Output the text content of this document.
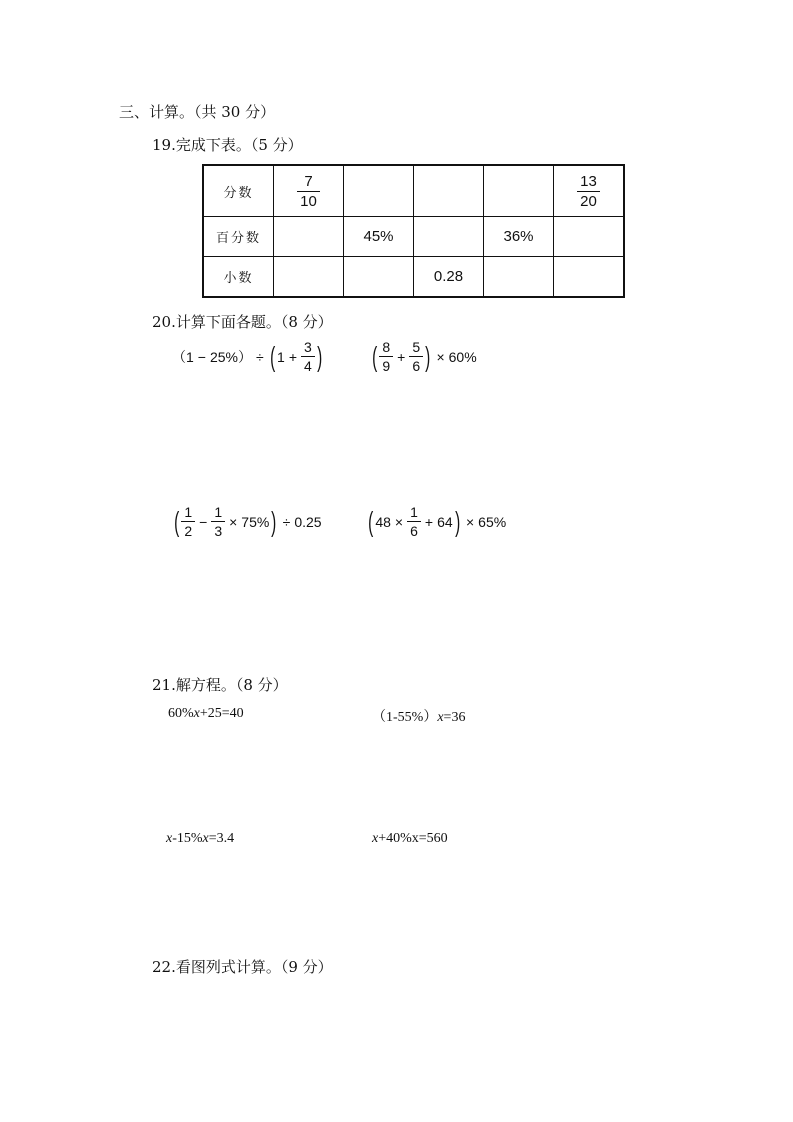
三、计算。（共 30 分）
19.完成下表。（5 分）
分数	$\frac{7}{10}$				$\frac{13}{20}$

百分数		45%		36%	
小数			0.28		
20.计算下面各题。（8 分）
（ 1 − 25% ） ÷ ( $1 + \frac{3}{4}$ ) ( $\frac{8}{9} + \frac{5}{6}$ ) × 60%
( $\frac{1}{2} - \frac{1}{3} \times 75\%$ ) ÷ 0.25 ( $48 \times \frac{1}{6} + 64$ ) × 65%
21.解方程。（8 分）
60%x+25=40	（1-55%）x=36
x-15%x=3.4	x+40%x=560
22.看图列式计算。（9 分）
